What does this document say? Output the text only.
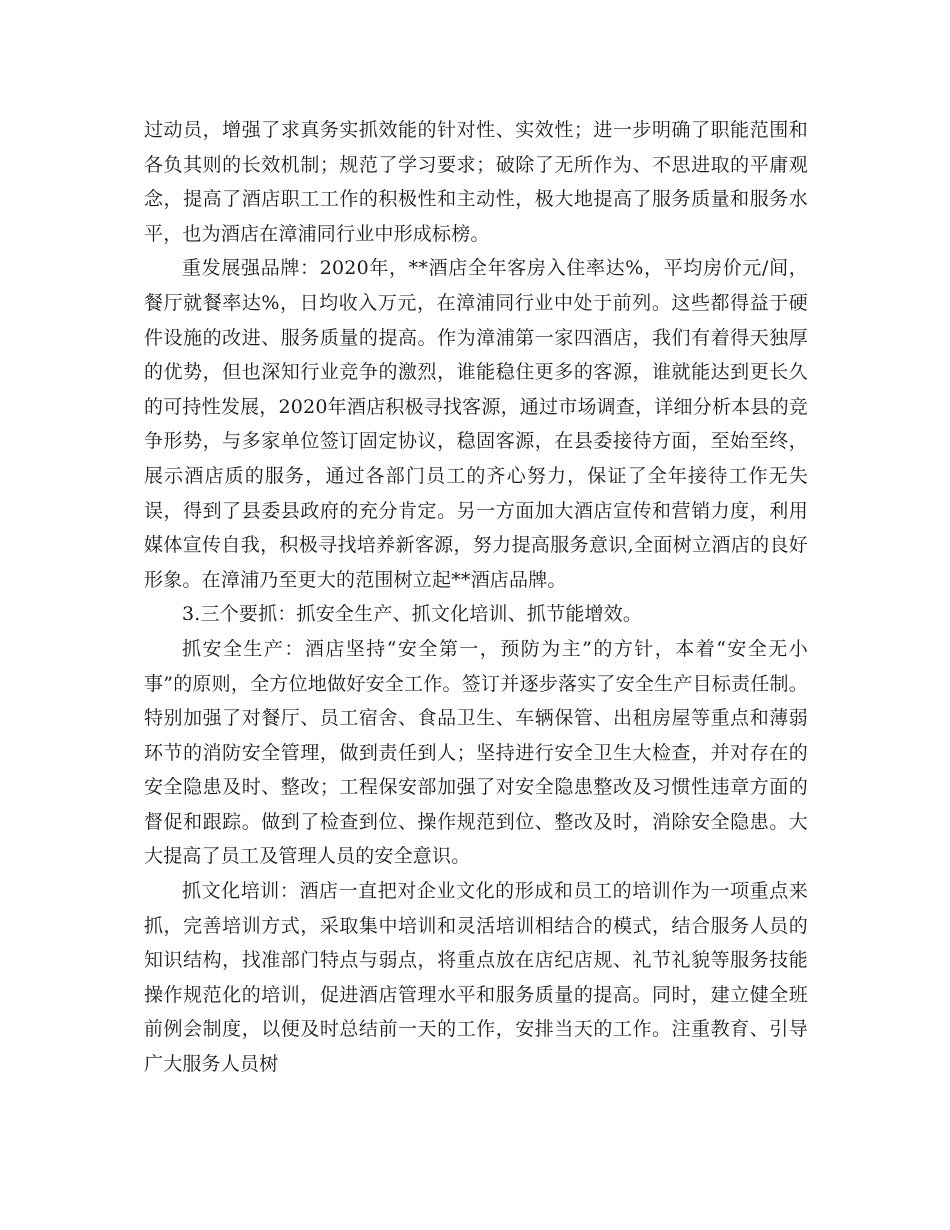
过动员，增强了求真务实抓效能的针对性、实效性；进一步明确了职能范围和各负其则的长效机制；规范了学习要求；破除了无所作为、不思进取的平庸观念，提高了酒店职工工作的积极性和主动性，极大地提高了服务质量和服务水平，也为酒店在漳浦同行业中形成标榜。

重发展强品牌：2020年，**酒店全年客房入住率达%，平均房价元/间，餐厅就餐率达%，日均收入万元，在漳浦同行业中处于前列。这些都得益于硬件设施的改进、服务质量的提高。作为漳浦第一家四酒店，我们有着得天独厚的优势，但也深知行业竞争的激烈，谁能稳住更多的客源，谁就能达到更长久的可持性发展，2020年酒店积极寻找客源，通过市场调查，详细分析本县的竞争形势，与多家单位签订固定协议，稳固客源，在县委接待方面，至始至终，展示酒店质的服务，通过各部门员工的齐心努力，保证了全年接待工作无失误，得到了县委县政府的充分肯定。另一方面加大酒店宣传和营销力度，利用媒体宣传自我，积极寻找培养新客源，努力提高服务意识,全面树立酒店的良好形象。在漳浦乃至更大的范围树立起**酒店品牌。

3.三个要抓：抓安全生产、抓文化培训、抓节能增效。

抓安全生产：酒店坚持“安全第一，预防为主”的方针，本着“安全无小事”的原则，全方位地做好安全工作。签订并逐步落实了安全生产目标责任制。特别加强了对餐厅、员工宿舍、食品卫生、车辆保管、出租房屋等重点和薄弱环节的消防安全管理，做到责任到人；坚持进行安全卫生大检查，并对存在的安全隐患及时、整改；工程保安部加强了对安全隐患整改及习惯性违章方面的督促和跟踪。做到了检查到位、操作规范到位、整改及时，消除安全隐患。大大提高了员工及管理人员的安全意识。

抓文化培训：酒店一直把对企业文化的形成和员工的培训作为一项重点来抓，完善培训方式，采取集中培训和灵活培训相结合的模式，结合服务人员的知识结构，找准部门特点与弱点，将重点放在店纪店规、礼节礼貌等服务技能操作规范化的培训，促进酒店管理水平和服务质量的提高。同时，建立健全班前例会制度，以便及时总结前一天的工作，安排当天的工作。注重教育、引导广大服务人员树
